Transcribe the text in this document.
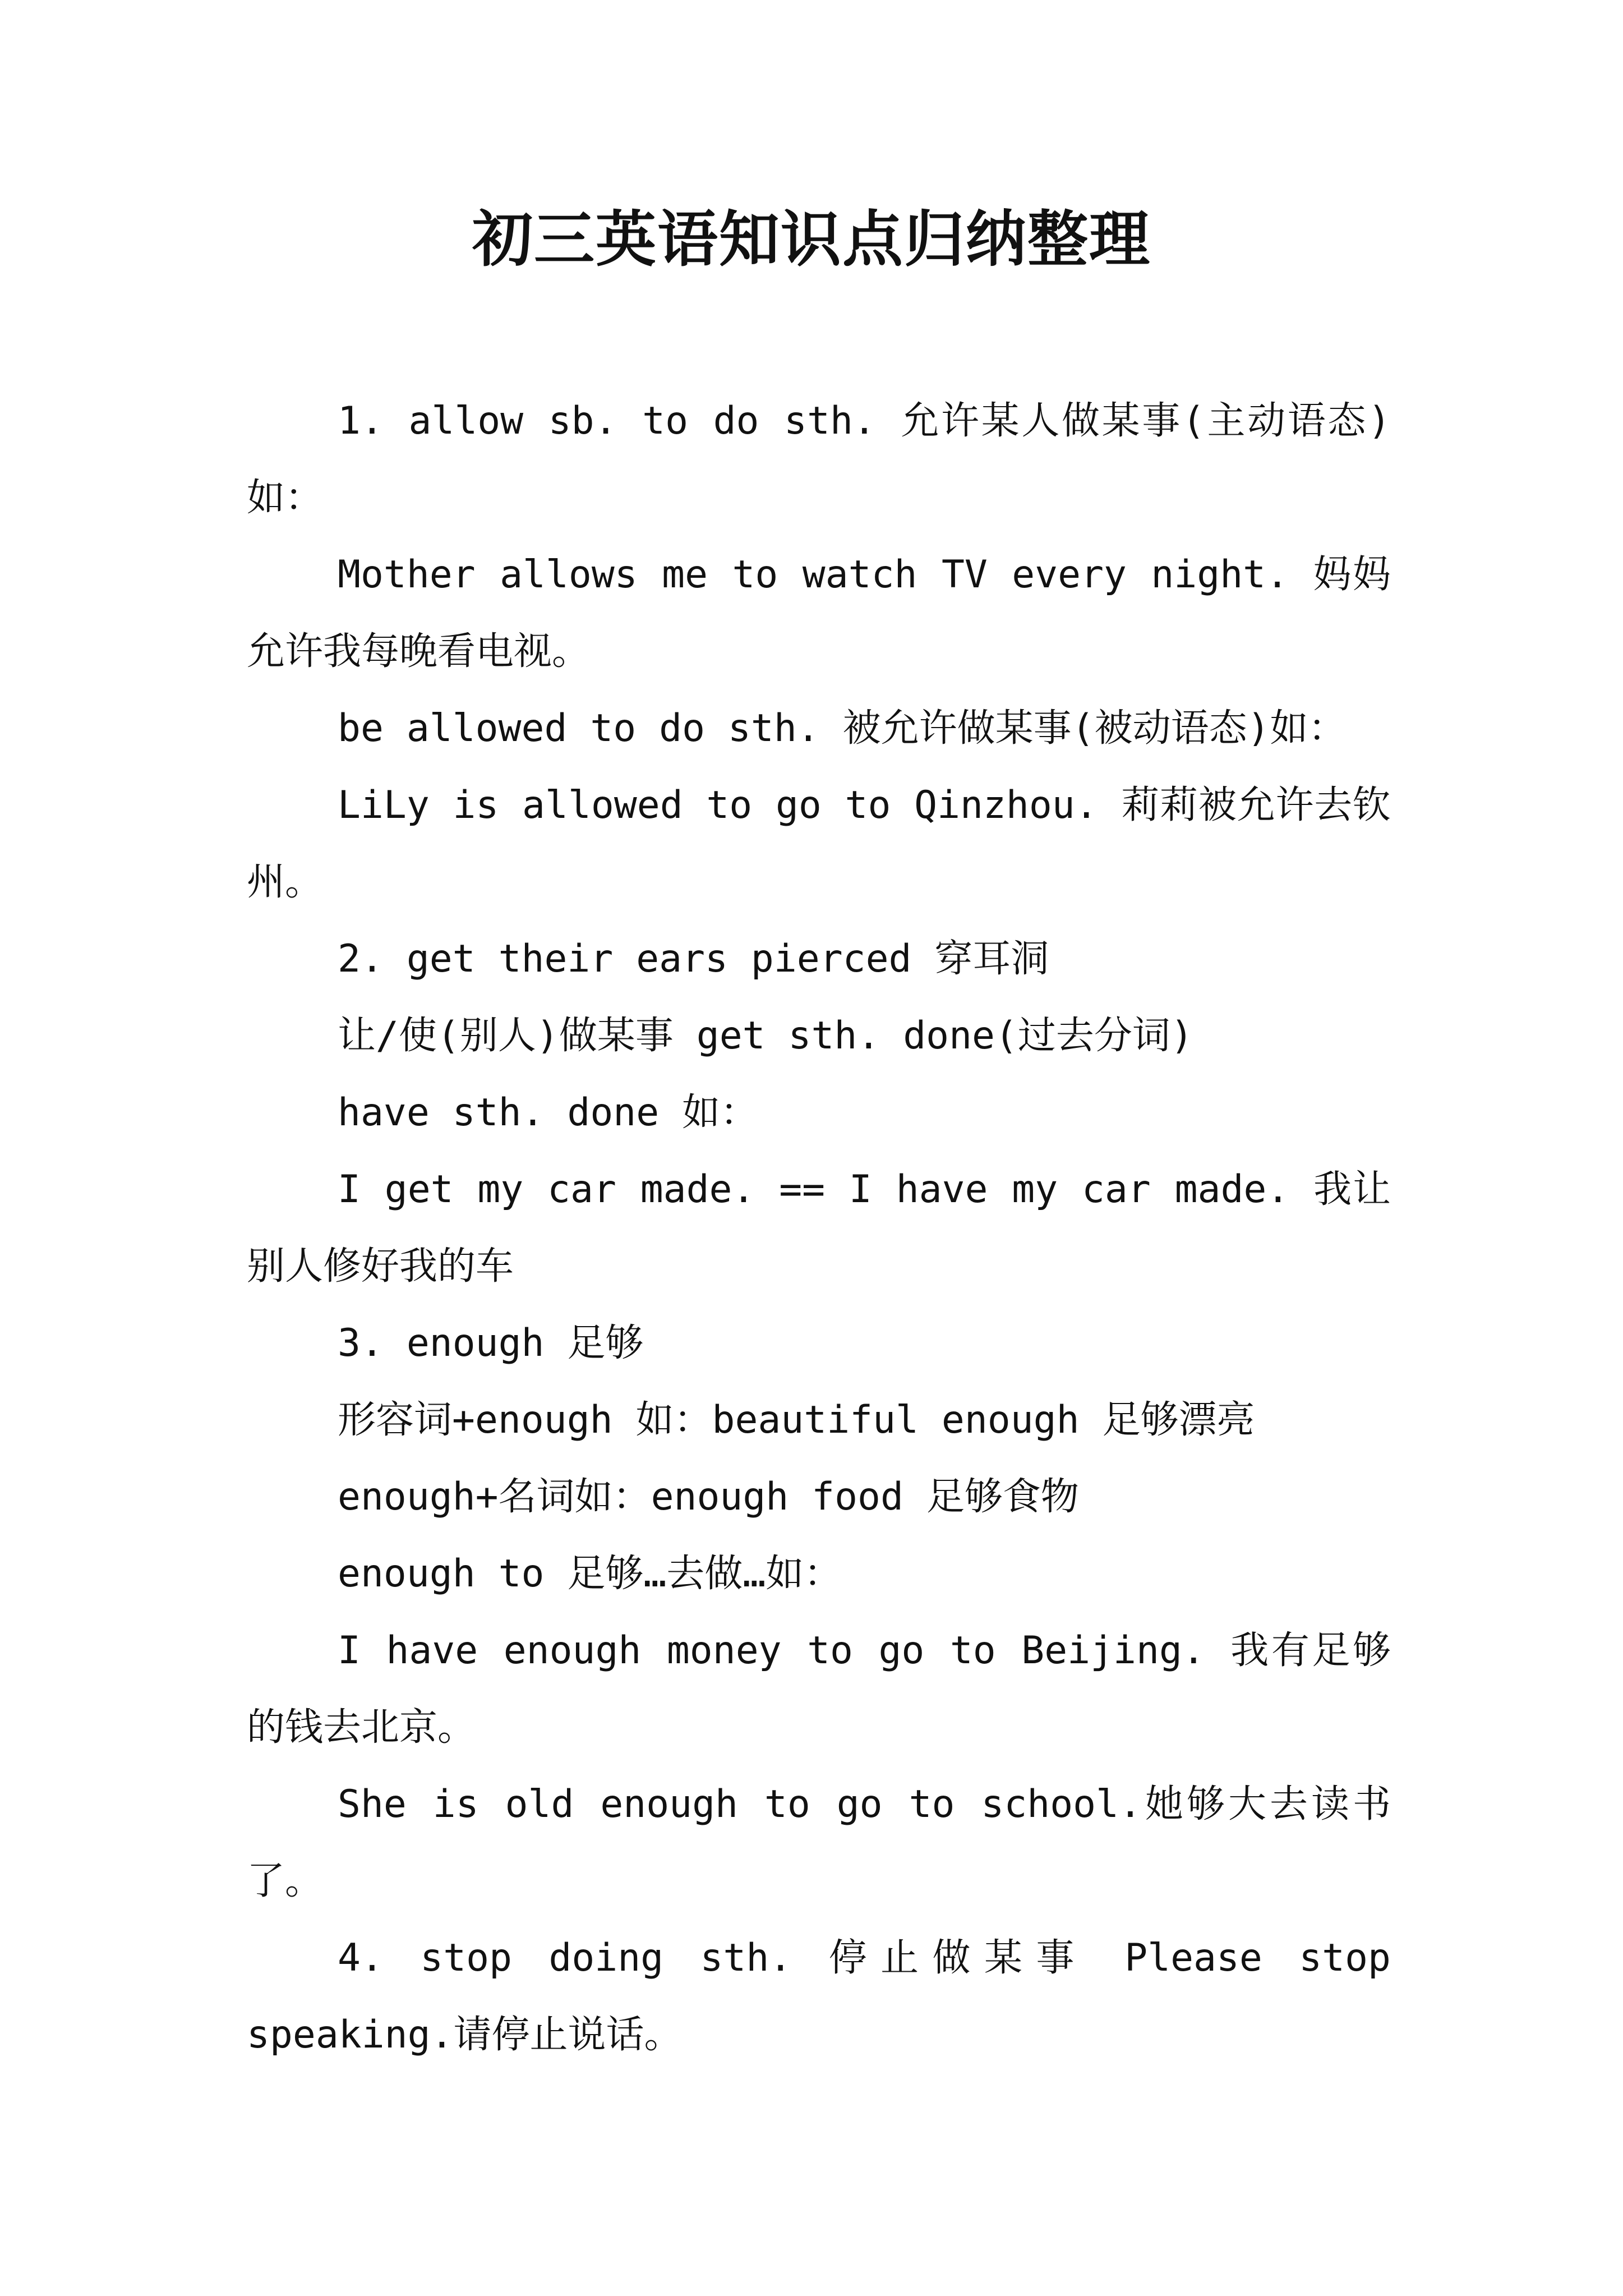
初三英语知识点归纳整理

1. allow sb. to do sth. 允许某人做某事(主动语态)如：

Mother allows me to watch TV every night. 妈妈允许我每晚看电视。

be allowed to do sth. 被允许做某事(被动语态)如：

LiLy is allowed to go to Qinzhou. 莉莉被允许去钦州。

2. get their ears pierced 穿耳洞

让/使(别人)做某事 get sth. done(过去分词)

have sth. done 如：

I get my car made. == I have my car made. 我让别人修好我的车

3. enough 足够

形容词+enough 如：beautiful enough 足够漂亮

enough+名词如：enough food 足够食物

enough to 足够…去做…如：

I have enough money to go to Beijing. 我有足够的钱去北京。

She is old enough to go to school.她够大去读书了。

4. stop doing sth. 停止做某事 Please stop speaking.请停止说话。
